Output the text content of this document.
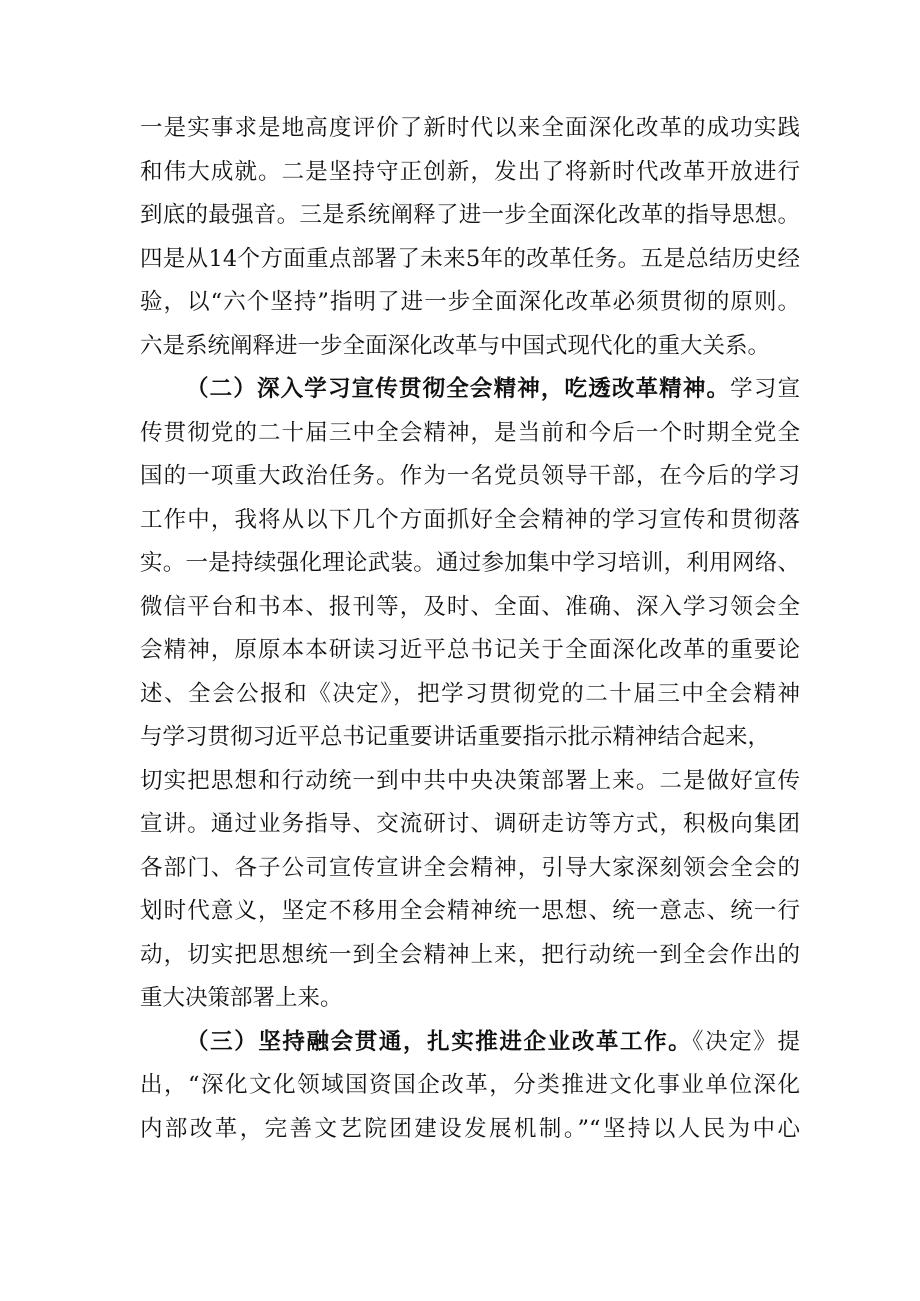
一是实事求是地高度评价了新时代以来全面深化改革的成功实践
和伟大成就。二是坚持守正创新，发出了将新时代改革开放进行
到底的最强音。三是系统阐释了进一步全面深化改革的指导思想。
四是从14个方面重点部署了未来5年的改革任务。五是总结历史经
验，以“六个坚持”指明了进一步全面深化改革必须贯彻的原则。
六是系统阐释进一步全面深化改革与中国式现代化的重大关系。
（二）深入学习宣传贯彻全会精神，吃透改革精神。学习宣
传贯彻党的二十届三中全会精神，是当前和今后一个时期全党全
国的一项重大政治任务。作为一名党员领导干部，在今后的学习
工作中，我将从以下几个方面抓好全会精神的学习宣传和贯彻落
实。一是持续强化理论武装。通过参加集中学习培训，利用网络、
微信平台和书本、报刊等，及时、全面、准确、深入学习领会全
会精神，原原本本研读习近平总书记关于全面深化改革的重要论
述、全会公报和《决定》，把学习贯彻党的二十届三中全会精神
与学习贯彻习近平总书记重要讲话重要指示批示精神结合起来，
切实把思想和行动统一到中共中央决策部署上来。二是做好宣传
宣讲。通过业务指导、交流研讨、调研走访等方式，积极向集团
各部门、各子公司宣传宣讲全会精神，引导大家深刻领会全会的
划时代意义，坚定不移用全会精神统一思想、统一意志、统一行
动，切实把思想统一到全会精神上来，把行动统一到全会作出的
重大决策部署上来。
（三）坚持融会贯通，扎实推进企业改革工作。《决定》提
出，“深化文化领域国资国企改革，分类推进文化事业单位深化
内部改革，完善文艺院团建设发展机制。”“坚持以人民为中心
